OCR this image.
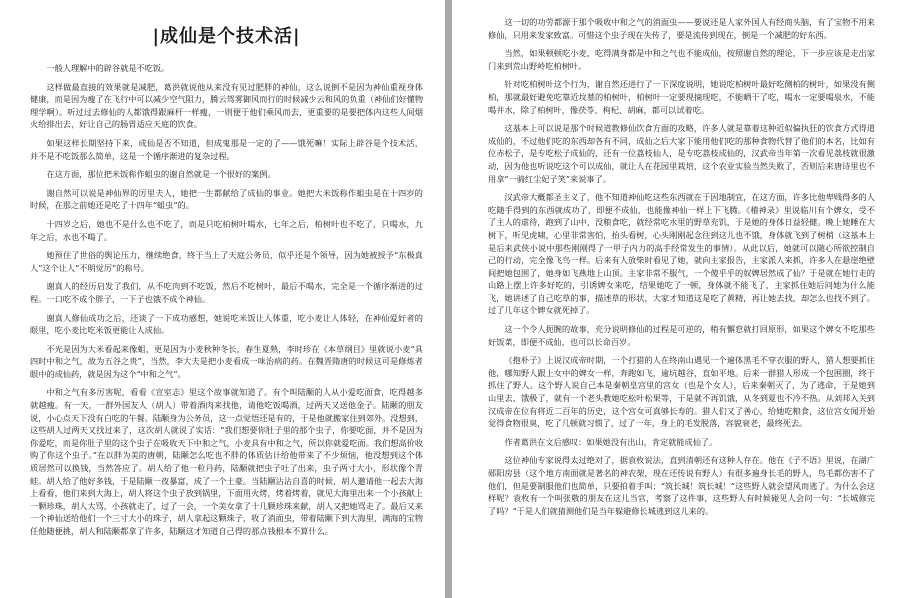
|成仙是个技术活|

一般人理解中的辟谷就是不吃饭。

这样做最直接的效果就是减肥，葛洪就说他从来没有见过肥胖的神仙，这么说倒不是因为神仙重视身体健康，而是因为瘦了在飞行中可以减少空气阻力，腾云驾雾御风而行的时候减少云和风的负重（神仙们好懂物理学啊）。听过过去修仙的人都饿得跟麻杆一样瘦，一则便于他们乘风而去，更重要的是要把体内这些人间烟火给排出去，好让自己的肠胃适应天庭的饮食。

如果这样长期坚持下来，成仙是否不知道，但成鬼那是一定的了——饿死嘛！实际上辟谷是个技术活，并不是不吃饭那么简单，这是一个循序渐进的复杂过程。

在这方面，那位把米饭称作蛆虫的谢自然就是一个很好的案例。

谢自然可以说是神仙界的厉里夫人，她把一生都献给了成仙的事业。她把大米饭称作蛆虫是在十四岁的时候，在那之前她还是吃了十四年“蛆虫”的。

十四岁之后，她也不是什么也不吃了，而是只吃柏树叶喝水，七年之后，柏树叶也不吃了，只喝水，九年之后，水也不喝了。

她预住了世俗的舆论压力，继续绝食，终于当上了天庭公务员，似乎还是个领导，因为她被授予“东极真人”这个让人“不明觉厉”的称号。

谢真人的经历启发了我们，从不吃肉到不吃饭，然后不吃树叶，最后不喝水，完全是一个循序渐进的过程。一口吃不成个胖子，一下子也饿不成个神仙。

谢真人修仙成功之后，还谈了一下成功感想，她说吃米饭让人体重，吃小麦让人体轻，在神仙爱好者的眼里，吃小麦比吃米饭更能让人成仙。

不光是因为大米看起来像蛆，更是因为小麦秋种冬长，春生夏熟，李时珍在《本草纲目》里就说小麦“具四时中和之气，故为五谷之贵”，当然，李大夫是把小麦看成一味治病的药。在魏晋隋唐的时候这可是修炼者眼中的成仙药，就是因为这个“中和之气”。

中和之气有多厉害呢，看看《宣室志》里这个故事就知道了。有个叫陆颙的人从小爱吃面食，吃得越多就越瘦。有一天，一群外国友人（胡人）带着酒肉来找他，请他吃饭喝酒，过两天又送他金子。陆颙的朋友说，小心点天下没有白吃的午餐。陆颙身为公务员，这一点觉悟还是有的，于是他就搬家住到郊外。没想到，这些胡人过两天又找过来了，这次胡人就说了实话：“我们想要你肚子里的那个虫子，你要吃面，并不是因为你爱吃，而是你肚子里的这个虫子在吸收天下中和之气，小麦具有中和之气，所以你就爱吃面。我们想高价收购了你这个虫子。”在以胖为美的唐朝，陆颙怎么吃也不胖的体质估计给他带来了不少烦恼，他没想到这个体质居然可以换钱，当然答应了。胡人给了他一粒丹药，陆颙就把虫子吐了出来，虫子两寸大小，形状像个青蛙。胡人给了他好多钱，于是陆颙一夜暴富，成了一个土豪。当陆颙沾沾自喜的时候，胡人邀请他一起去大海上看看，他们来到大海上，胡人将这个虫子放到锅里，下面用火烤，烤着烤着，就见大海里出来一个小孩献上一颗珍珠，胡人大骂，小孩就走了，过了一会，一个美女拿了十几颗珍珠来献，胡人又把她骂走了。最后又来一个神仙送给他们一个三寸大小的珠子，胡人拿起这颗珠子，收了消面虫，带着陆颙下到大海里，满海的宝物任他随便挑，胡人和陆颙都拿了许多，陆颙这才知道自己得的那点钱根本不算什么。

这一切的功劳都源于那个吸收中和之气的消面虫——要说还是人家外国人有经商头脑，有了宝物不用来修仙，只用来发家致富。可惜这个虫子现在失传了，要是流传到现在，倒是一个减肥的好东西。

当然，如果顿顿吃小麦，吃得满身都是中和之气也不能成仙，按照谢自然的理论，下一步应该是走出家门来到荒山野岭吃柏树叶。

针对吃柏树叶这个行为，谢自然还进行了一下深度说明，她说吃柏树叶最好吃侧柏的树叶，如果没有侧柏，那就最好避免吃靠近坟墓的柏树叶，柏树叶一定要现摘现吃，不能晒干了吃，喝水一定要喝泉水，不能喝井水，除了柏树叶，像茯苓、枸杞、胡麻，都可以试着吃。

这基本上可以说是那个时候道教修仙饮食方面的攻略，许多人就是靠着这种近似偏执狂的饮食方式得道成仙的，不过他们吃的东西却各有不同，成仙之后大家下能用他们吃的那种食物代替了他们的本名，比如有位赤松子，是专吃松子成仙的，还有一位荔枝仙人，是专吃荔枝成仙的，汉武帝当年第一次看见荔枝就很激动，因为他也听说吃这个可以成仙，就让人在花园里栽培，这个农业实验当然失败了，否则后来唐诗里也不用拿“一骑红尘妃子笑”来说事了。

汉武帝大概都圣主义了，他不知道神仙吃这些东西就在于因地制宜，在这方面，许多比他卑贱得多的人吃随手得到的东西就成功了，即便不成仙，也能像神仙一样上下飞腾。《稽神录》里说临川有个婢女，受不了主人的虐待，跑到了山中，没粮食吃，就经常吃水里的野草充饥，于是她的身体日益轻健。晚上她睡在大树下，听见虎啸，心里非常害怕，抬头看树，心头刚刚起念往到这儿也不饿，身体就飞到了树梢（这基本上是后来武侠小说中那些刚刚得了一甲子内力的高手经常发生的事情）。从此以后，她就可以随心所欲控制自己的行动，完全像飞鸟一样。后来有人放柴时看见了她，就向主家报告，主家派人来抓，许多人在悬崖绝壁间把她包围了，她身如飞燕地上山顶。主家非常不服气，一个傻乎乎的奴婢居然成了仙？于是就在她行走的山路上摆上许多好吃的，引诱婢女来吃，结果她吃了一顿，身体就不能飞了，主家抓住她后问她为什么能飞，她讲述了自己吃草的事，描述草的形状，大家才知道这是吃了黄精，再让她去找，却怎么也找不到了。过了几年这个婢女就死掉了。

这一个令人扼腕的故事，充分说明修仙的过程是可逆的，稍有懈怠就打回原形，如果这个婢女不吃那些好饭菜，即便不成仙，也可以长命百岁。

《抱朴子》上说汉成帝时期，一个打猎的人在终南山遇见一个遍体黑毛不穿衣服的野人，猎人想要抓住他，哪知野人跟上女中的婢女一样，奔跑如飞，逾坑越谷，直如平地。后来一群猎人形成一个包围圈，终于抓住了野人。这个野人说自己本是秦朝皇宫里的宫女（也是个女人），后来秦朝灭了，为了逃命，于是她到山里去，饿极了，就有一个老头教她吃松叶松果等，于是就不再饥饿，从冬到夏也不冷不热。从刘邦入关到汉成帝在位有将近二百年的历史，这个宫女可真够长寿的。猎人们又了善心，给她吃粮食，这位宫女闻开始觉得食物很臭，吃了几顿就习惯了，过了一年，身上的毛发脱落，容貌衰老，最终死去。

作者葛洪在文后感叹：如果她没有出山，肯定就能成仙了。

这位神仙专家说得太过绝对了，据袁枚说法，直到清朝还有这种人存在。他在《子不语》里说，在湖广郧阳房县（这个地方南面就是著名的神农架，现在还传说有野人）有很多遍身长毛的野人，鸟毛都伤害不了他们，但是要制服他们也简单，只要拍着手叫：“筑长城！筑长城！”这些野人就会望风而逃了。为什么会这样呢？袁枚有一个叫张敬的朋友在这儿当官，考察了这件事，这些野人有时候碰见人会问一句：“长城修完了吗？”于是人们就猜测他们是当年躲避修长城逃到这儿来的。
